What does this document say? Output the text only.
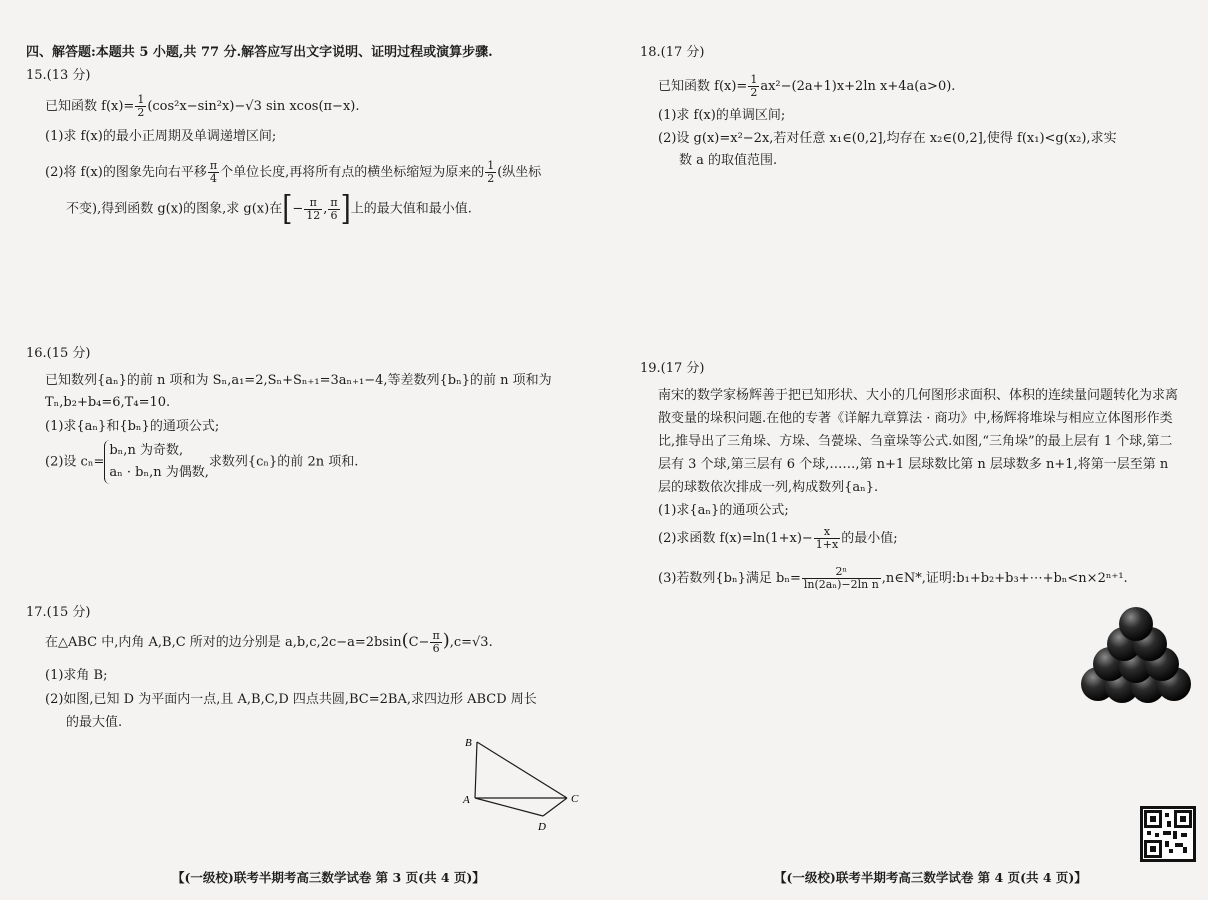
四、解答题:本题共 5 小题,共 77 分.解答应写出文字说明、证明过程或演算步骤.
15.(13 分)
已知函数 $f(x)= \frac{1}{2} (\cos^2x-\sin^2x)-√3$ sin xcos(π−x).
(1)求 f(x)的最小正周期及单调递增区间;
(2)将 f(x)的图象先向右平移 $\frac{\pi}{4}$ 个单位长度,再将所有点的横坐标缩短为原来的 $\frac{1}{2}$ (纵坐标
不变),得到函数 g(x)的图象,求 g(x)在[− $\frac{\pi}{12}$ , $\frac{\pi}{6}$ ]上的最大值和最小值.
16.(15 分)
已知数列{aₙ}的前 n 项和为 Sₙ,a₁=2,Sₙ+Sₙ₊₁=3aₙ₊₁−4,等差数列{bₙ}的前 n 项和为
Tₙ,b₂+b₄=6,T₄=10.
(1)求{aₙ}和{bₙ}的通项公式;
(2)设 cₙ=
bₙ,n 为奇数,
aₙ · bₙ,n 为偶数,
求数列{cₙ}的前 2n 项和.
17.(15 分)
在△ABC 中,内角 A,B,C 所对的边分别是 $a,b,c,2c-a=2bsin(C- \frac{\pi}{6} ),c=√3$.
(1)求角 B;
(2)如图,已知 D 为平面内一点,且 A,B,C,D 四点共圆,BC=2BA,求四边形 ABCD 周长
的最大值.
B
A	C
D
【(一级校)联考半期考高三数学试卷 第 3 页(共 4 页)】
18.(17 分)
已知函数 $f(x)= \frac{1}{2} ax^2-(2a+1)x+2\ln$ x+4a(a>0).
(1)求 f(x)的单调区间;
(2)设 g(x)=x²−2x,若对任意 x₁∈(0,2],均存在 x₂∈(0,2],使得 f(x₁)<g(x₂),求实
数 a 的取值范围.
19.(17 分)
南宋的数学家杨辉善于把已知形状、大小的几何图形求面积、体积的连续量问题转化为求离
散变量的垛积问题.在他的专著《详解九章算法 · 商功》中,杨辉将堆垛与相应立体图形作类
比,推导出了三角垛、方垛、刍甍垛、刍童垛等公式.如图,“三角垛”的最上层有 1 个球,第二
层有 3 个球,第三层有 6 个球,……,第 n+1 层球数比第 n 层球数多 n+1,将第一层至第 n
层的球数依次排成一列,构成数列{aₙ}.
(1)求{aₙ}的通项公式;
(2)求函数 $f(x)=\ln(1+x)- \frac{x}{1+x}$ 的最小值;
(3)若数列{bₙ}满足 $b_n= \frac{\text{2ⁿ}}{\text{ln(2aₙ)−2ln n}}$ ,n∈N*,证明:b₁+b₂+b₃+⋯+bₙ<n×2ⁿ⁺¹.
【(一级校)联考半期考高三数学试卷 第 4 页(共 4 页)】
